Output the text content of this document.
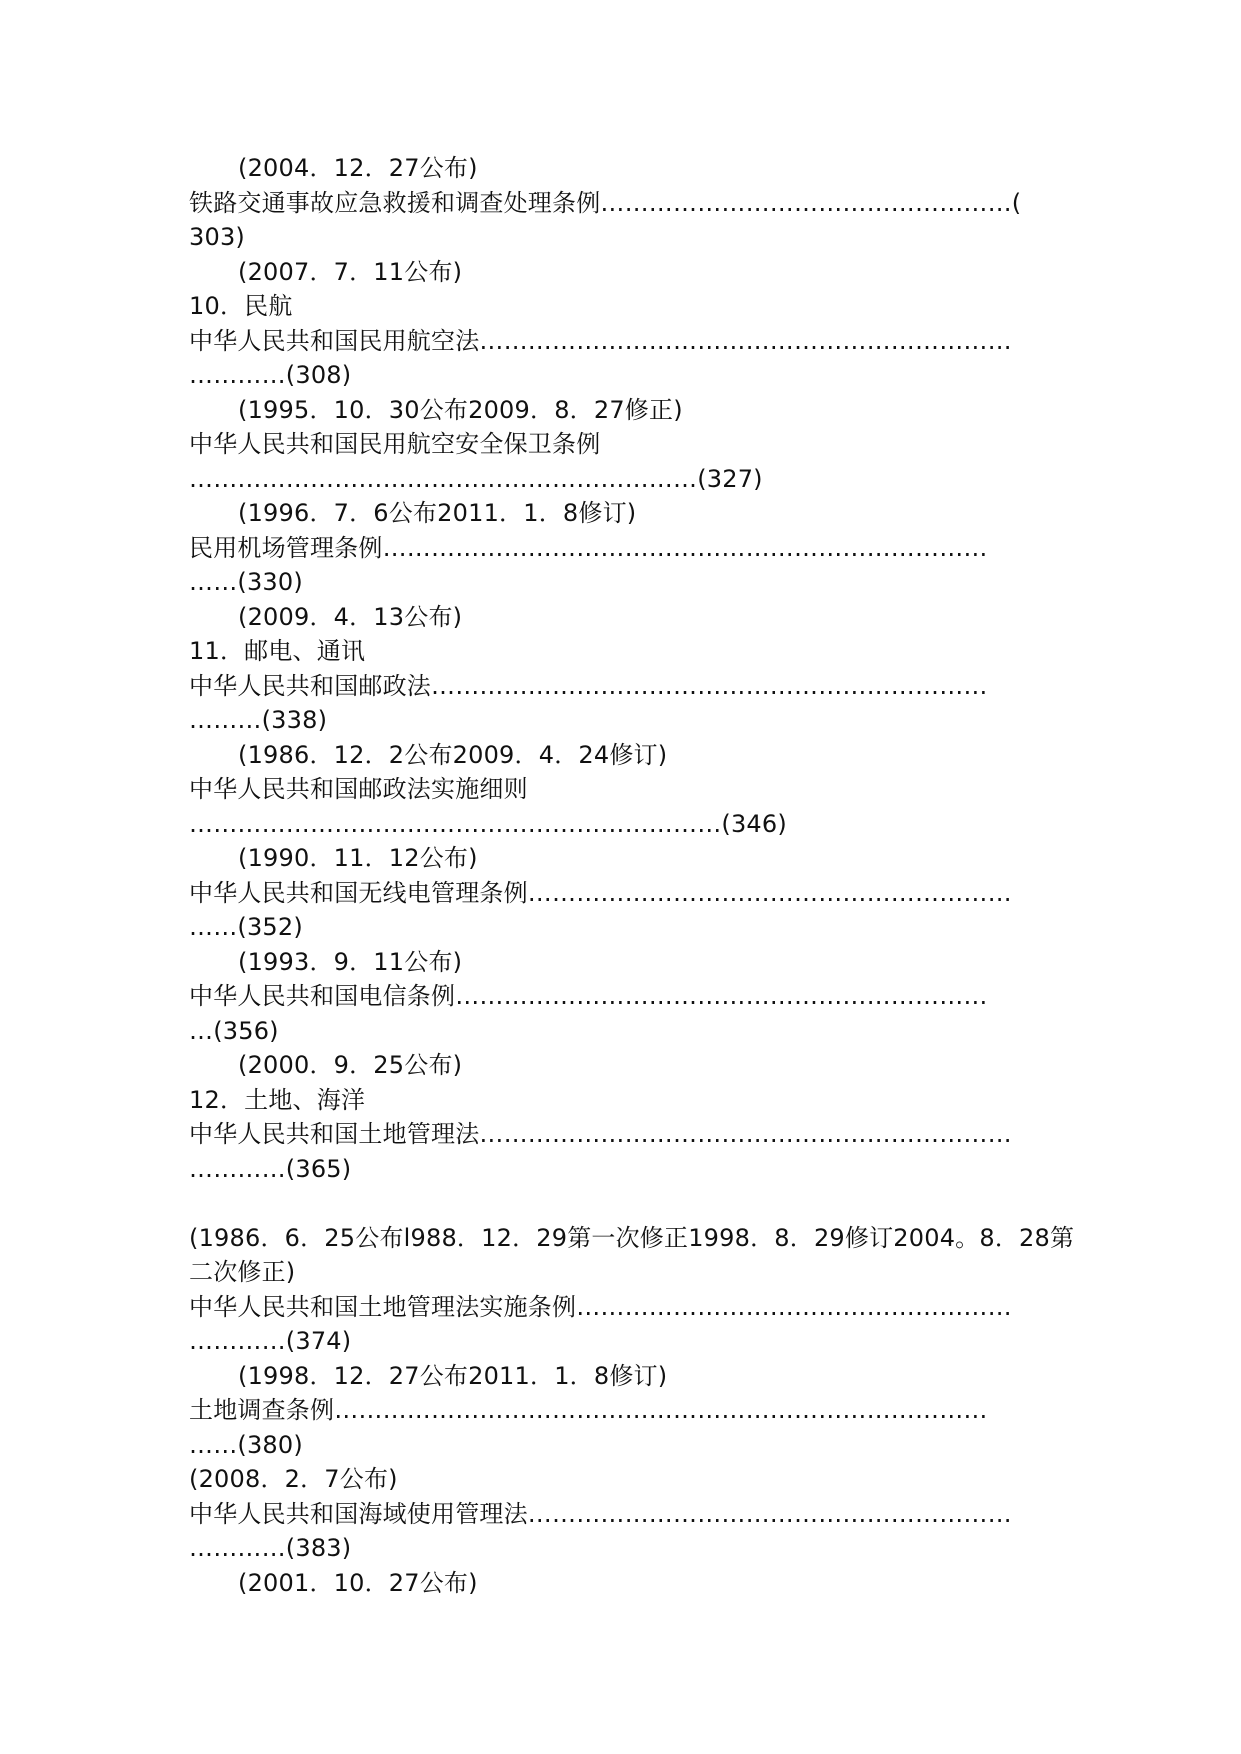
(2004．12．27公布)
铁路交通事故应急救援和调查处理条例……………………………………………(
303)
(2007．7．11公布)
10．民航
中华人民共和国民用航空法…………………………………………………………
…………(308)
(1995．10．30公布2009．8．27修正)
中华人民共和国民用航空安全保卫条例
………………………………………………………(327)
(1996．7．6公布2011．1．8修订)
民用机场管理条例…………………………………………………………………
……(330)
(2009．4．13公布)
11．邮电、通讯
中华人民共和国邮政法……………………………………………………………
………(338)
(1986．12．2公布2009．4．24修订)
中华人民共和国邮政法实施细则
…………………………………………………………(346)
(1990．11．12公布)
中华人民共和国无线电管理条例……………………………………………………
……(352)
(1993．9．11公布)
中华人民共和国电信条例…………………………………………………………
…(356)
(2000．9．25公布)
12．土地、海洋
中华人民共和国土地管理法…………………………………………………………
…………(365)
(1986．6．25公布l988．12．29第一次修正1998．8．29修订2004。8．28第
二次修正)
中华人民共和国土地管理法实施条例………………………………………………
…………(374)
(1998．12．27公布2011．1．8修订)
土地调查条例………………………………………………………………………
……(380)
(2008．2．7公布)
中华人民共和国海域使用管理法……………………………………………………
…………(383)
(2001．10．27公布)
